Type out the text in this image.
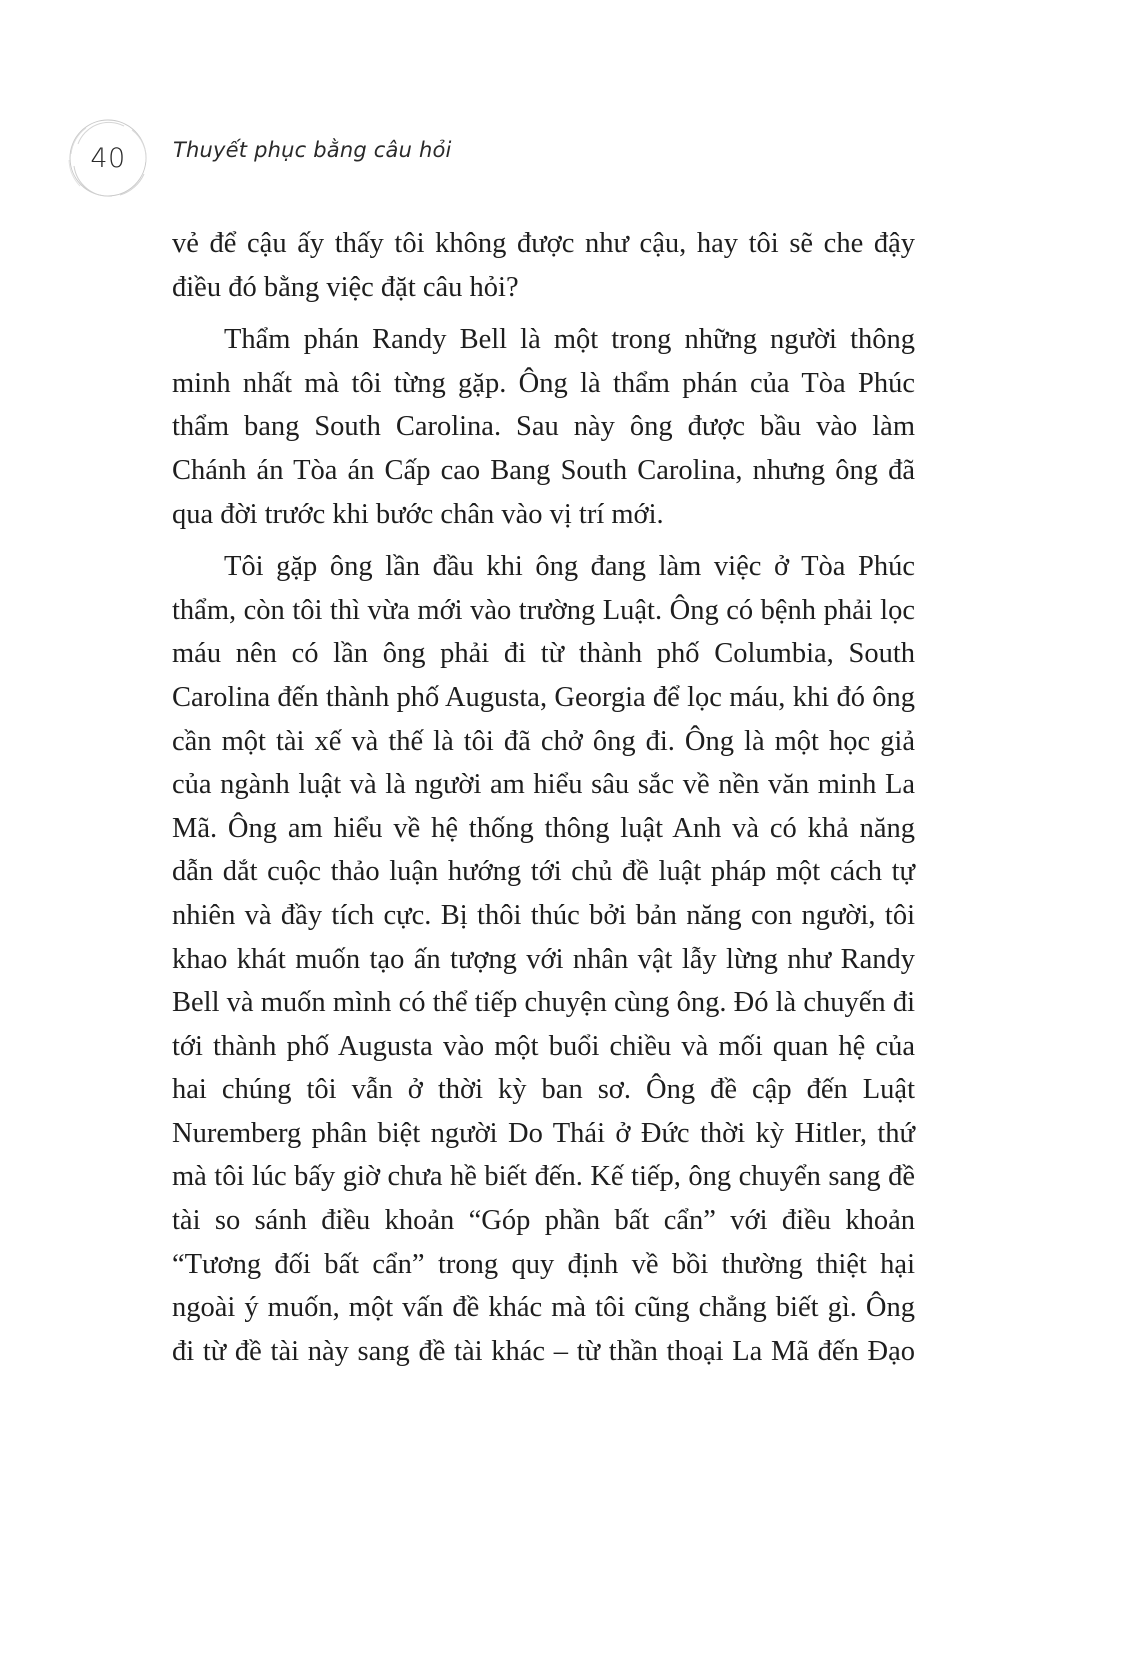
40	Thuyết phục bằng câu hỏi

vẻ để cậu ấy thấy tôi không được như cậu, hay tôi sẽ che đậy điều đó bằng việc đặt câu hỏi?

Thẩm phán Randy Bell là một trong những người thông minh nhất mà tôi từng gặp. Ông là thẩm phán của Tòa Phúc thẩm bang South Carolina. Sau này ông được bầu vào làm Chánh án Tòa án Cấp cao Bang South Carolina, nhưng ông đã qua đời trước khi bước chân vào vị trí mới.

Tôi gặp ông lần đầu khi ông đang làm việc ở Tòa Phúc thẩm, còn tôi thì vừa mới vào trường Luật. Ông có bệnh phải lọc máu nên có lần ông phải đi từ thành phố Columbia, South Carolina đến thành phố Augusta, Georgia để lọc máu, khi đó ông cần một tài xế và thế là tôi đã chở ông đi. Ông là một học giả của ngành luật và là người am hiểu sâu sắc về nền văn minh La Mã. Ông am hiểu về hệ thống thông luật Anh và có khả năng dẫn dắt cuộc thảo luận hướng tới chủ đề luật pháp một cách tự nhiên và đầy tích cực. Bị thôi thúc bởi bản năng con người, tôi khao khát muốn tạo ấn tượng với nhân vật lẫy lừng như Randy Bell và muốn mình có thể tiếp chuyện cùng ông. Đó là chuyến đi tới thành phố Augusta vào một buổi chiều và mối quan hệ của hai chúng tôi vẫn ở thời kỳ ban sơ. Ông đề cập đến Luật Nuremberg phân biệt người Do Thái ở Đức thời kỳ Hitler, thứ mà tôi lúc bấy giờ chưa hề biết đến. Kế tiếp, ông chuyển sang đề tài so sánh điều khoản “Góp phần bất cẩn” với điều khoản “Tương đối bất cẩn” trong quy định về bồi thường thiệt hại ngoài ý muốn, một vấn đề khác mà tôi cũng chẳng biết gì. Ông đi từ đề tài này sang đề tài khác – từ thần thoại La Mã đến Đạo
